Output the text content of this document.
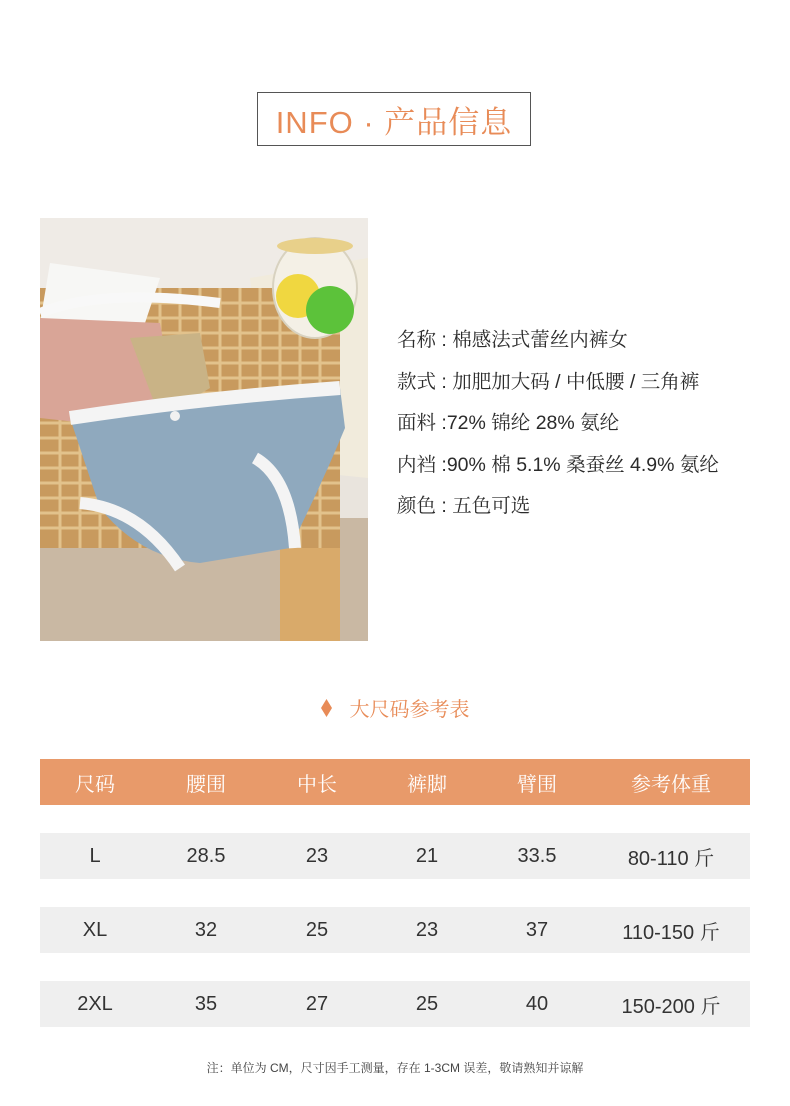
INFO · 产品信息
名称 : 棉感法式蕾丝内裤女
款式 : 加肥加大码 / 中低腰 / 三角裤
面料 :72% 锦纶 28% 氨纶
内裆 :90% 棉 5.1% 桑蚕丝 4.9% 氨纶
颜色 : 五色可选
大尺码参考表
尺码	腰围	中长	裤脚	臂围	参考体重
L	28.5	23	21	33.5	80-110 斤
XL	32	25	23	37	110-150 斤
2XL	35	27	25	40	150-200 斤
注：单位为 CM，尺寸因手工测量，存在 1-3CM 误差，敬请熟知并谅解
